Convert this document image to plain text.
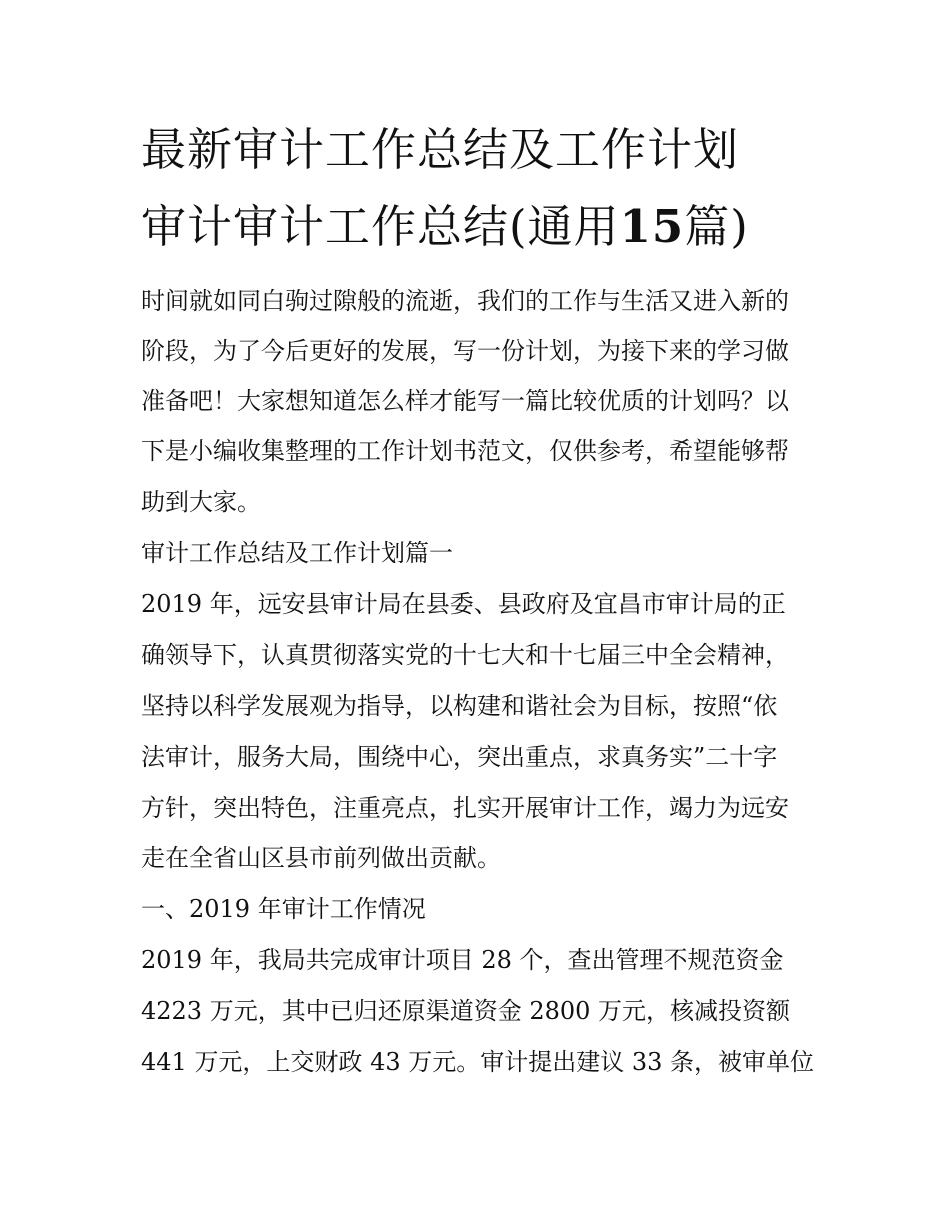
最新审计工作总结及工作计划
审计审计工作总结(通用15篇)

时间就如同白驹过隙般的流逝，我们的工作与生活又进入新的

阶段，为了今后更好的发展，写一份计划，为接下来的学习做

准备吧！大家想知道怎么样才能写一篇比较优质的计划吗？以

下是小编收集整理的工作计划书范文，仅供参考，希望能够帮

助到大家。

审计工作总结及工作计划篇一

2019 年，远安县审计局在县委、县政府及宜昌市审计局的正

确领导下，认真贯彻落实党的十七大和十七届三中全会精神，

坚持以科学发展观为指导，以构建和谐社会为目标，按照“依

法审计，服务大局，围绕中心，突出重点，求真务实”二十字

方针，突出特色，注重亮点，扎实开展审计工作，竭力为远安

走在全省山区县市前列做出贡献。

一、2019 年审计工作情况

2019 年，我局共完成审计项目 28 个，查出管理不规范资金

4223 万元，其中已归还原渠道资金 2800 万元，核减投资额

441 万元，上交财政 43 万元。审计提出建议 33 条，被审单位
